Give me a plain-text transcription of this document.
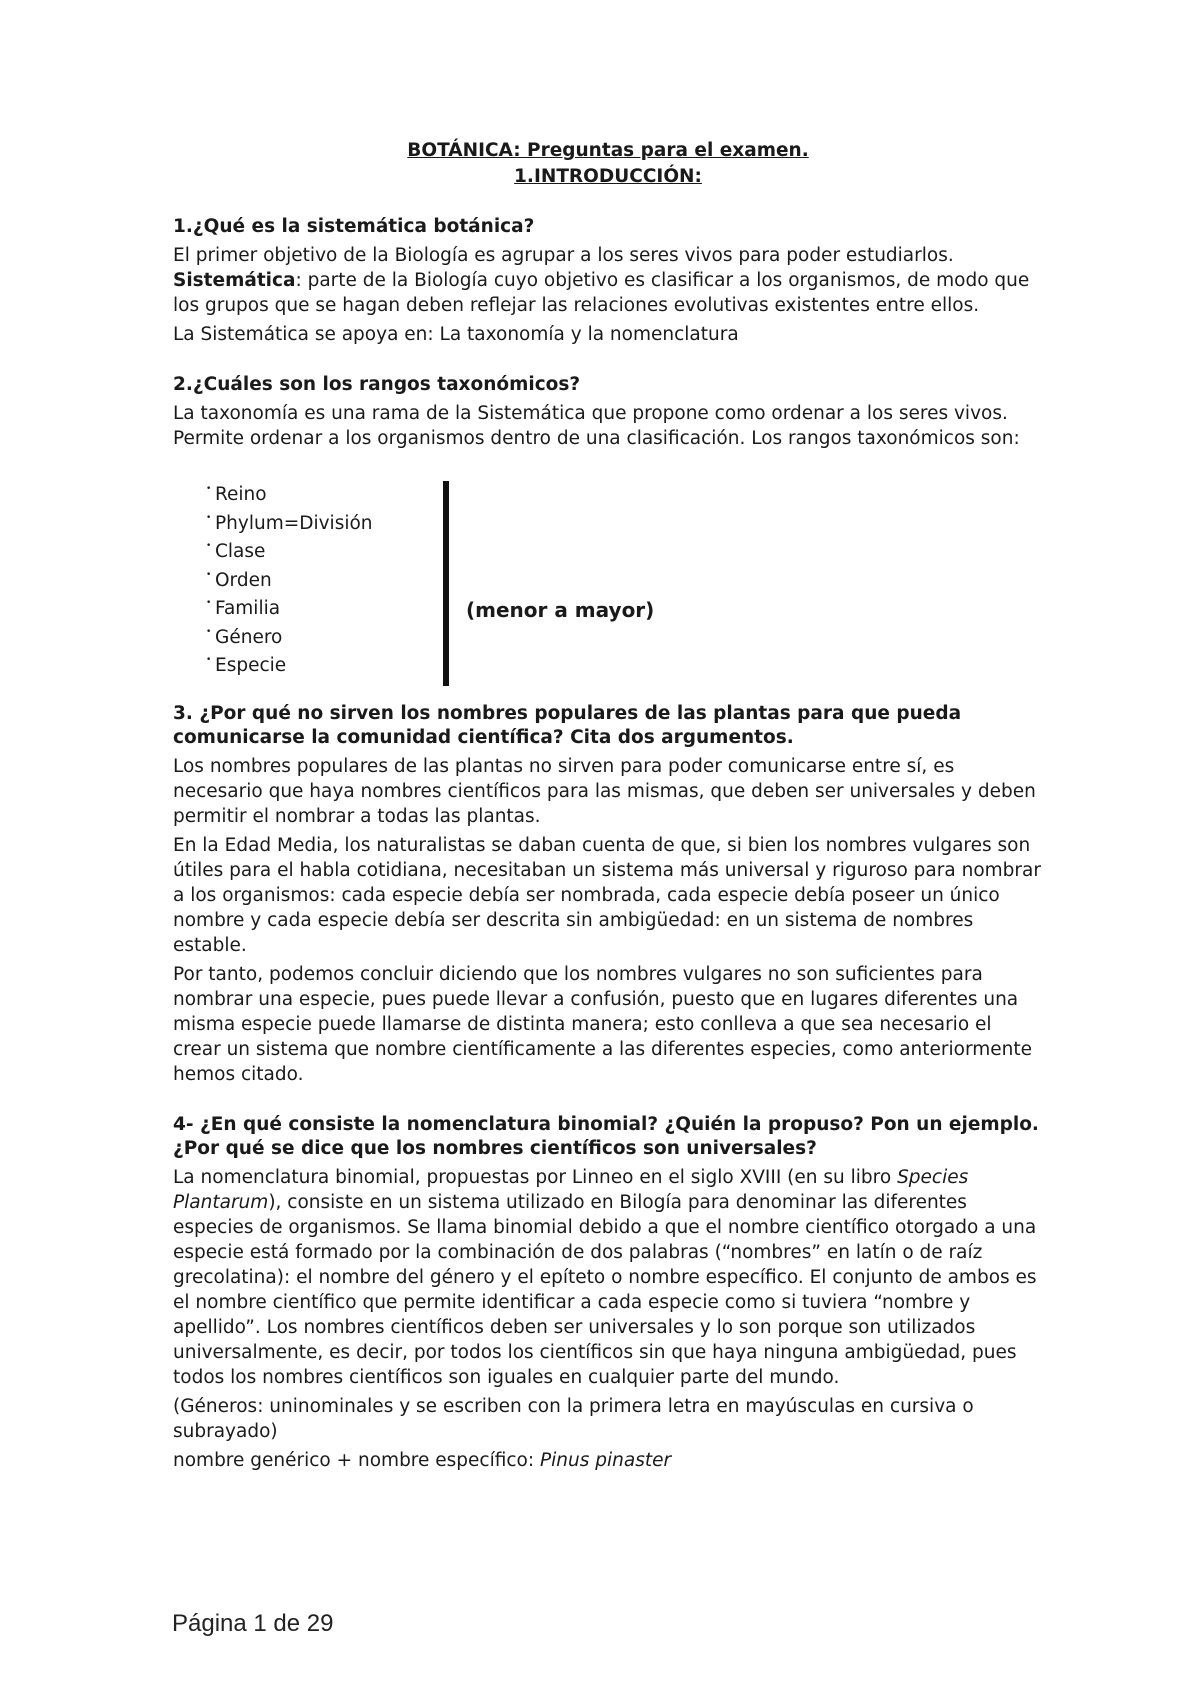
BOTÁNICA: Preguntas para el examen.

1.INTRODUCCIÓN:

1.¿Qué es la sistemática botánica?

El primer objetivo de la Biología es agrupar a los seres vivos para poder estudiarlos.

Sistemática: parte de la Biología cuyo objetivo es clasificar a los organismos, de modo que los grupos que se hagan deben reflejar las relaciones evolutivas existentes entre ellos.

La Sistemática se apoya en: La taxonomía y la nomenclatura

2.¿Cuáles son los rangos taxonómicos?

La taxonomía es una rama de la Sistemática que propone como ordenar a los seres vivos. Permite ordenar a los organismos dentro de una clasificación. Los rangos taxonómicos son:

• Reino
• Phylum=División
• Clase
• Orden
• Familia
• Género
• Especie
(menor a mayor)

3. ¿Por qué no sirven los nombres populares de las plantas para que pueda comunicarse la comunidad científica? Cita dos argumentos.

Los nombres populares de las plantas no sirven para poder comunicarse entre sí, es necesario que haya nombres científicos para las mismas, que deben ser universales y deben permitir el nombrar a todas las plantas.

En la Edad Media, los naturalistas se daban cuenta de que, si bien los nombres vulgares son útiles para el habla cotidiana, necesitaban un sistema más universal y riguroso para nombrar a los organismos: cada especie debía ser nombrada, cada especie debía poseer un único nombre y cada especie debía ser descrita sin ambigüedad: en un sistema de nombres estable.

Por tanto, podemos concluir diciendo que los nombres vulgares no son suficientes para nombrar una especie, pues puede llevar a confusión, puesto que en lugares diferentes una misma especie puede llamarse de distinta manera; esto conlleva a que sea necesario el crear un sistema que nombre científicamente a las diferentes especies, como anteriormente hemos citado.

4- ¿En qué consiste la nomenclatura binomial? ¿Quién la propuso? Pon un ejemplo. ¿Por qué se dice que los nombres científicos son universales?

La nomenclatura binomial, propuestas por Linneo en el siglo XVIII (en su libro Species Plantarum), consiste en un sistema utilizado en Bilogía para denominar las diferentes especies de organismos. Se llama binomial debido a que el nombre científico otorgado a una especie está formado por la combinación de dos palabras (“nombres” en latín o de raíz grecolatina): el nombre del género y el epíteto o nombre específico. El conjunto de ambos es el nombre científico que permite identificar a cada especie como si tuviera “nombre y apellido”. Los nombres científicos deben ser universales y lo son porque son utilizados universalmente, es decir, por todos los científicos sin que haya ninguna ambigüedad, pues todos los nombres científicos son iguales en cualquier parte del mundo.

(Géneros: uninominales y se escriben con la primera letra en mayúsculas en cursiva o subrayado)

nombre genérico + nombre específico: Pinus pinaster

Página 1 de 29
